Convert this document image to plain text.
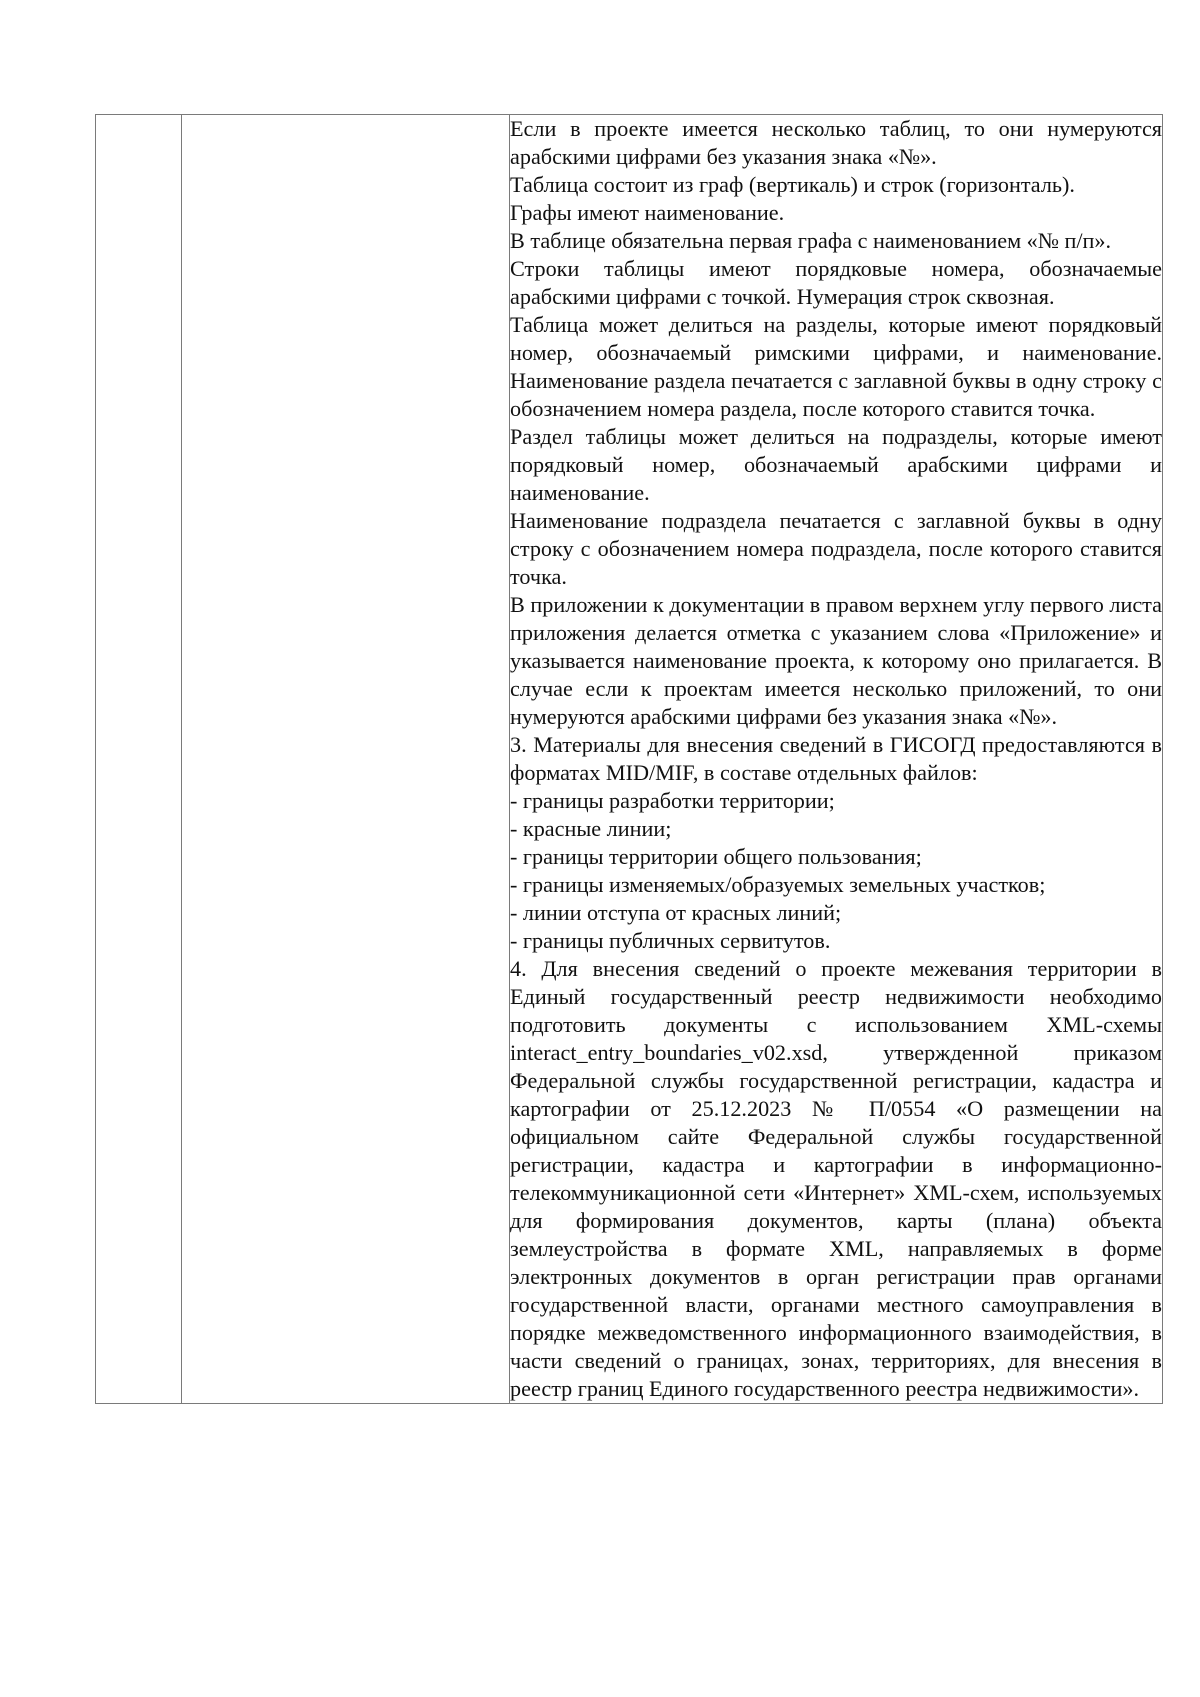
Если в проекте имеется несколько таблиц, то они нумеруются арабскими цифрами без указания знака «№».

Таблица состоит из граф (вертикаль) и строк (горизонталь).

Графы имеют наименование.

В таблице обязательна первая графа с наименованием «№ п/п».

Строки таблицы имеют порядковые номера, обозначаемые арабскими цифрами с точкой. Нумерация строк сквозная.

Таблица может делиться на разделы, которые имеют порядковый номер, обозначаемый римскими цифрами, и наименование. Наименование раздела печатается с заглавной буквы в одну строку с обозначением номера раздела, после которого ставится точка.

Раздел таблицы может делиться на подразделы, которые имеют порядковый номер, обозначаемый арабскими цифрами и наименование.

Наименование подраздела печатается с заглавной буквы в одну строку с обозначением номера подраздела, после которого ставится точка.

В приложении к документации в правом верхнем углу первого листа приложения делается отметка с указанием слова «Приложение» и указывается наименование проекта, к которому оно прилагается. В случае если к проектам имеется несколько приложений, то они нумеруются арабскими цифрами без указания знака «№».

3. Материалы для внесения сведений в ГИСОГД предоставляются в форматах MID/MIF, в составе отдельных файлов:

- границы разработки территории;

- красные линии;

- границы территории общего пользования;

- границы изменяемых/образуемых земельных участков;

- линии отступа от красных линий;

- границы публичных сервитутов.

4. Для внесения сведений о проекте межевания территории в Единый государственный реестр недвижимости необходимо подготовить документы с использованием XML-схемы interact_entry_boundaries_v02.xsd, утвержденной приказом Федеральной службы государственной регистрации, кадастра и картографии от 25.12.2023 № П/0554 «О размещении на официальном сайте Федеральной службы государственной регистрации, кадастра и картографии в информационно-телекоммуникационной сети «Интернет» XML-схем, используемых для формирования документов, карты (плана) объекта землеустройства в формате XML, направляемых в форме электронных документов в орган регистрации прав органами государственной власти, органами местного самоуправления в порядке межведомственного информационного взаимодействия, в части сведений о границах, зонах, территориях, для внесения в реестр границ Единого государственного реестра недвижимости».
